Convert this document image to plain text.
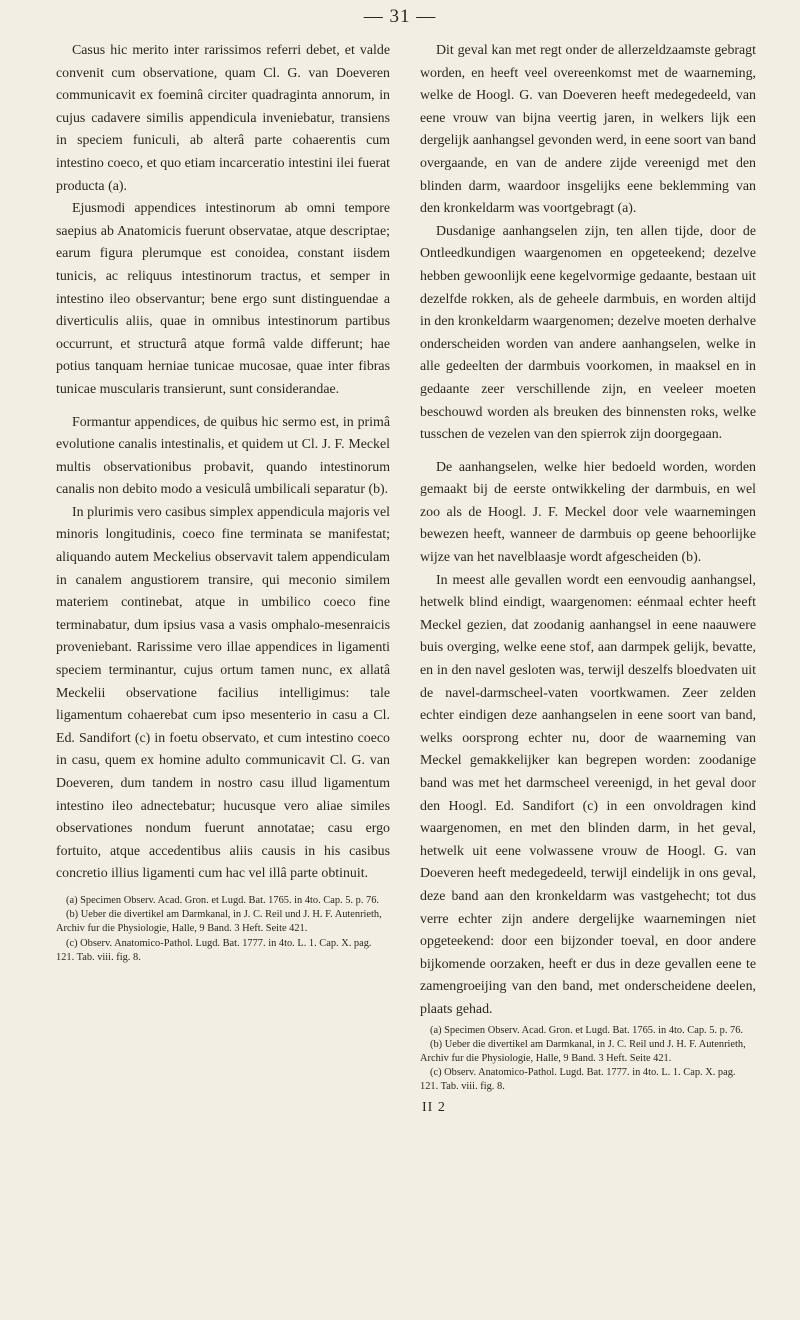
— 31 —

Casus hic merito inter rarissimos referri debet, et valde convenit cum observatione, quam Cl. G. van Doeveren communicavit ex foeminâ circiter quadraginta annorum, in cujus cadavere similis appendicula inveniebatur, transiens in speciem funiculi, ab alterâ parte cohaerentis cum intestino coeco, et quo etiam incarceratio intestini ilei fuerat producta (a).

Ejusmodi appendices intestinorum ab omni tempore saepius ab Anatomicis fuerunt observatae, atque descriptae; earum figura plerumque est conoidea, constant iisdem tunicis, ac reliquus intestinorum tractus, et semper in intestino ileo observantur; bene ergo sunt distinguendae a diverticulis aliis, quae in omnibus intestinorum partibus occurrunt, et structurâ atque formâ valde differunt; hae potius tanquam herniae tunicae mucosae, quae inter fibras tunicae muscularis transierunt, sunt considerandae.

Formantur appendices, de quibus hic sermo est, in primâ evolutione canalis intestinalis, et quidem ut Cl. J. F. Meckel multis observationibus probavit, quando intestinorum canalis non debito modo a vesiculâ umbilicali separatur (b).

In plurimis vero casibus simplex appendicula majoris vel minoris longitudinis, coeco fine terminata se manifestat; aliquando autem Meckelius observavit talem appendiculam in canalem angustiorem transire, qui meconio similem materiem continebat, atque in umbilico coeco fine terminabatur, dum ipsius vasa a vasis omphalo-mesenraicis proveniebant. Rarissime vero illae appendices in ligamenti speciem terminantur, cujus ortum tamen nunc, ex allatâ Meckelii observatione facilius intelligimus: tale ligamentum cohaerebat cum ipso mesenterio in casu a Cl. Ed. Sandifort (c) in foetu observato, et cum intestino coeco in casu, quem ex homine adulto communicavit Cl. G. van Doeveren, dum tandem in nostro casu illud ligamentum intestino ileo adnectebatur; hucusque vero aliae similes observationes nondum fuerunt annotatae; casu ergo fortuito, atque accedentibus aliis causis in his casibus concretio illius ligamenti cum hac vel illâ parte obtinuit.

(a) Specimen Observ. Acad. Gron. et Lugd. Bat. 1765. in 4to. Cap. 5. p. 76.
(b) Ueber die divertikel am Darmkanal, in J. C. Reil und J. H. F. Autenrieth, Archiv fur die Physiologie, Halle, 9 Band. 3 Heft. Seite 421.
(c) Observ. Anatomico-Pathol. Lugd. Bat. 1777. in 4to. L. 1. Cap. X. pag. 121. Tab. viii. fig. 8.

Dit geval kan met regt onder de allerzeldzaamste gebragt worden, en heeft veel overeenkomst met de waarneming, welke de Hoogl. G. van Doeveren heeft medegedeeld, van eene vrouw van bijna veertig jaren, in welkers lijk een dergelijk aanhangsel gevonden werd, in eene soort van band overgaande, en van de andere zijde vereenigd met den blinden darm, waardoor insgelijks eene beklemming van den kronkeldarm was voortgebragt (a).

Dusdanige aanhangselen zijn, ten allen tijde, door de Ontleedkundigen waargenomen en opgeteekend; dezelve hebben gewoonlijk eene kegelvormige gedaante, bestaan uit dezelfde rokken, als de geheele darmbuis, en worden altijd in den kronkeldarm waargenomen; dezelve moeten derhalve onderscheiden worden van andere aanhangselen, welke in alle gedeelten der darmbuis voorkomen, in maaksel en in gedaante zeer verschillende zijn, en veeleer moeten beschouwd worden als breuken des binnensten roks, welke tusschen de vezelen van den spierrok zijn doorgegaan.

De aanhangselen, welke hier bedoeld worden, worden gemaakt bij de eerste ontwikkeling der darmbuis, en wel zoo als de Hoogl. J. F. Meckel door vele waarnemingen bewezen heeft, wanneer de darmbuis op geene behoorlijke wijze van het navelblaasje wordt afgescheiden (b).

In meest alle gevallen wordt een eenvoudig aanhangsel, hetwelk blind eindigt, waargenomen: eénmaal echter heeft Meckel gezien, dat zoodanig aanhangsel in eene naauwere buis overging, welke eene stof, aan darmpek gelijk, bevatte, en in den navel gesloten was, terwijl deszelfs bloedvaten uit de navel-darmscheel-vaten voortkwamen. Zeer zelden echter eindigen deze aanhangselen in eene soort van band, welks oorsprong echter nu, door de waarneming van Meckel gemakkelijker kan begrepen worden: zoodanige band was met het darmscheel vereenigd, in het geval door den Hoogl. Ed. Sandifort (c) in een onvoldragen kind waargenomen, en met den blinden darm, in het geval, hetwelk uit eene volwassene vrouw de Hoogl. G. van Doeveren heeft medegedeeld, terwijl eindelijk in ons geval, deze band aan den kronkeldarm was vastgehecht; tot dus verre echter zijn andere dergelijke waarnemingen niet opgeteekend: door een bijzonder toeval, en door andere bijkomende oorzaken, heeft er dus in deze gevallen eene te zamengroeijing van den band, met onderscheidene deelen, plaats gehad.

(a) Specimen Observ. Acad. Gron. et Lugd. Bat. 1765. in 4to. Cap. 5. p. 76.
(b) Ueber die divertikel am Darmkanal, in J. C. Reil und J. H. F. Autenrieth, Archiv fur die Physiologie, Halle, 9 Band. 3 Heft. Seite 421.
(c) Observ. Anatomico-Pathol. Lugd. Bat. 1777. in 4to. L. 1. Cap. X. pag. 121. Tab. viii. fig. 8.
II 2
